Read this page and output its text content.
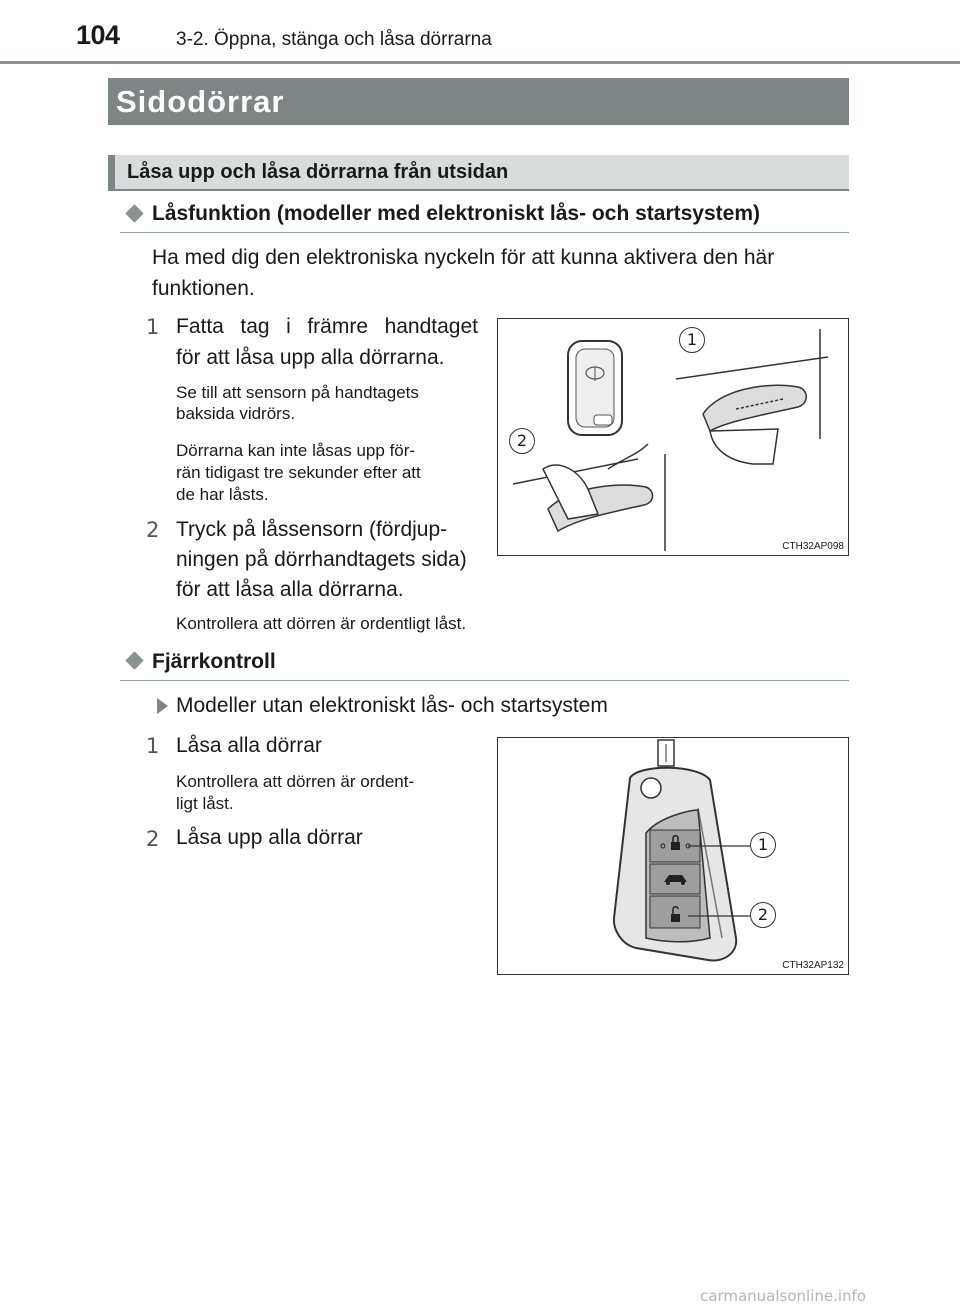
104	3-2. Öppna, stänga och låsa dörrarna
Sidodörrar
Låsa upp och låsa dörrarna från utsidan
Låsfunktion (modeller med elektroniskt lås- och startsystem)
Ha med dig den elektroniska nyckeln för att kunna aktivera den här
funktionen.
1 Fatta tag i främre handtaget
för att låsa upp alla dörrarna.
Se till att sensorn på handtagets
baksida vidrörs.
Dörrarna kan inte låsas upp för-
rän tidigast tre sekunder efter att
de har låsts.
2 Tryck på låssensorn (fördjup-
ningen på dörrhandtagets sida)
för att låsa alla dörrarna.
Kontrollera att dörren är ordentligt låst.
1
2
CTH32AP098
Fjärrkontroll
Modeller utan elektroniskt lås- och startsystem
1 Låsa alla dörrar
Kontrollera att dörren är ordent-
ligt låst.
2 Låsa upp alla dörrar	1
2
CTH32AP132
carmanualsonline.info
